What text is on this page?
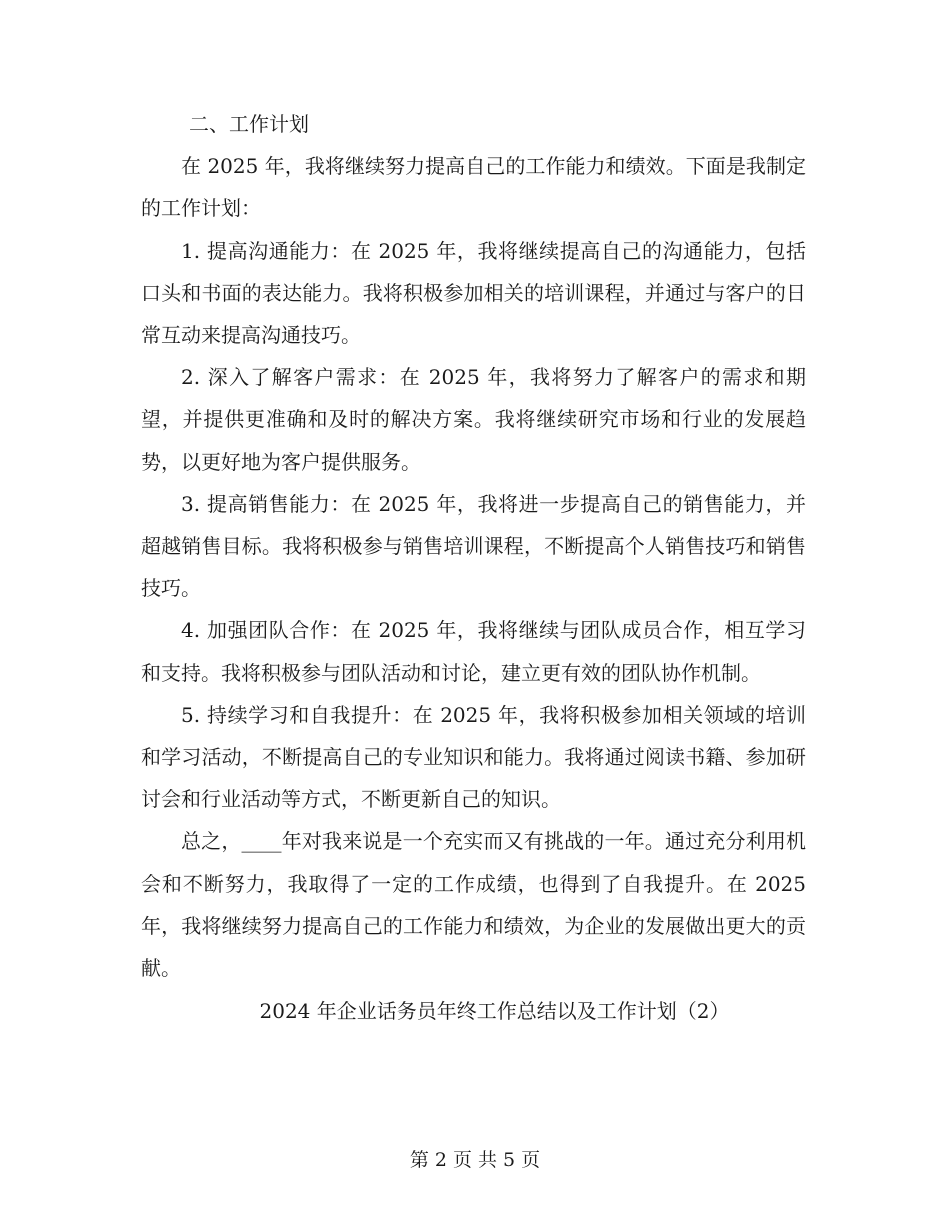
二、工作计划

在 2025 年，我将继续努力提高自己的工作能力和绩效。下面是我制定的工作计划：

1. 提高沟通能力：在 2025 年，我将继续提高自己的沟通能力，包括口头和书面的表达能力。我将积极参加相关的培训课程，并通过与客户的日常互动来提高沟通技巧。

2. 深入了解客户需求：在 2025 年，我将努力了解客户的需求和期望，并提供更准确和及时的解决方案。我将继续研究市场和行业的发展趋势，以更好地为客户提供服务。

3. 提高销售能力：在 2025 年，我将进一步提高自己的销售能力，并超越销售目标。我将积极参与销售培训课程，不断提高个人销售技巧和销售技巧。

4. 加强团队合作：在 2025 年，我将继续与团队成员合作，相互学习和支持。我将积极参与团队活动和讨论，建立更有效的团队协作机制。

5. 持续学习和自我提升：在 2025 年，我将积极参加相关领域的培训和学习活动，不断提高自己的专业知识和能力。我将通过阅读书籍、参加研讨会和行业活动等方式，不断更新自己的知识。

总之，____年对我来说是一个充实而又有挑战的一年。通过充分利用机会和不断努力，我取得了一定的工作成绩，也得到了自我提升。在 2025 年，我将继续努力提高自己的工作能力和绩效，为企业的发展做出更大的贡献。

2024 年企业话务员年终工作总结以及工作计划（2）

第 2 页 共 5 页
